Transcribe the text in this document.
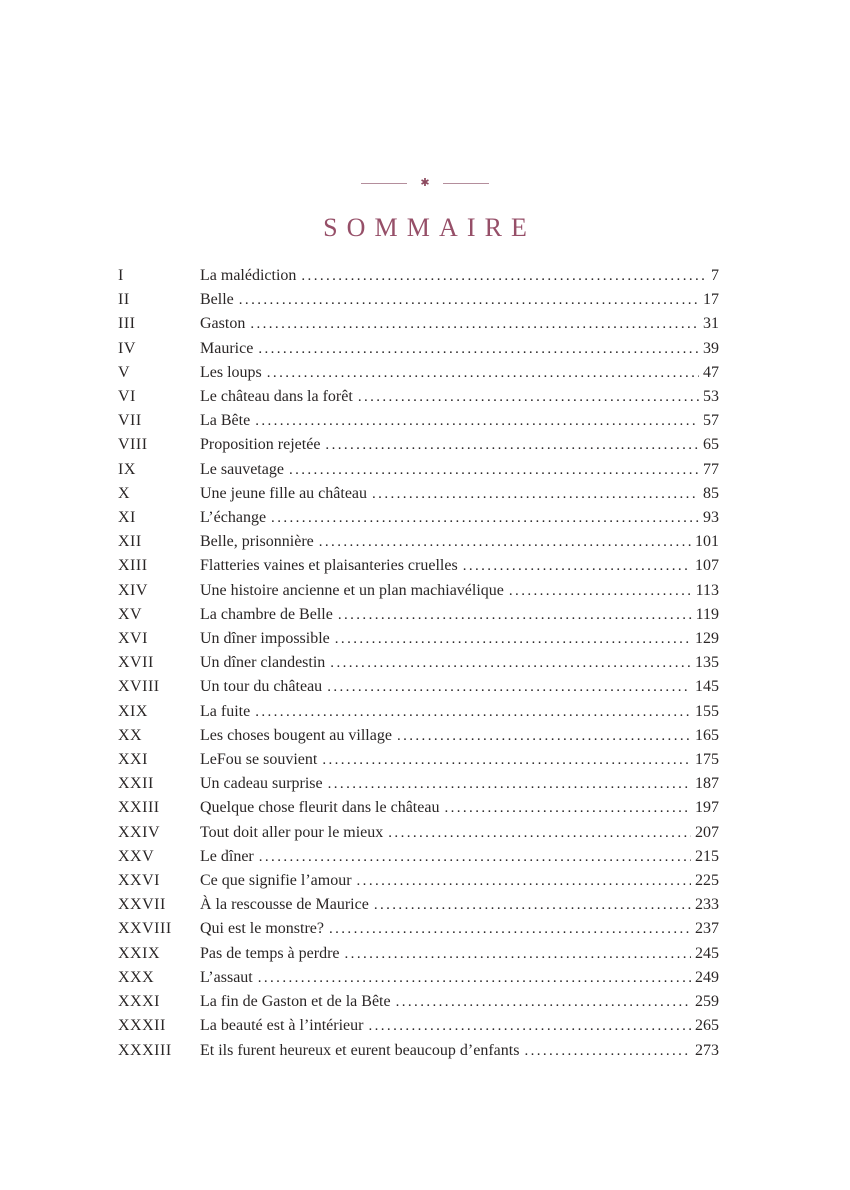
✱
SOMMAIRE
I	La malédiction .....	7
II	Belle .....	17
III	Gaston .....	31
IV	Maurice .....	39
V	Les loups .....	47
VI	Le château dans la forêt .....	53
VII	La Bête .....	57
VIII	Proposition rejetée .....	65
IX	Le sauvetage .....	77
X	Une jeune fille au château .....	85
XI	L’échange .....	93
XII	Belle, prisonnière .....	101
XIII	Flatteries vaines et plaisanteries cruelles .....	107
XIV	Une histoire ancienne et un plan machiavélique .....	113
XV	La chambre de Belle .....	119
XVI	Un dîner impossible .....	129
XVII	Un dîner clandestin .....	135
XVIII	Un tour du château .....	145
XIX	La fuite .....	155
XX	Les choses bougent au village .....	165
XXI	LeFou se souvient .....	175
XXII	Un cadeau surprise .....	187
XXIII	Quelque chose fleurit dans le château .....	197
XXIV	Tout doit aller pour le mieux .....	207
XXV	Le dîner .....	215
XXVI	Ce que signifie l’amour .....	225
XXVII	À la rescousse de Maurice .....	233
XXVIII	Qui est le monstre? .....	237
XXIX	Pas de temps à perdre .....	245
XXX	L’assaut .....	249
XXXI	La fin de Gaston et de la Bête .....	259
XXXII	La beauté est à l’intérieur .....	265
XXXIII	Et ils furent heureux et eurent beaucoup d’enfants .....	273
